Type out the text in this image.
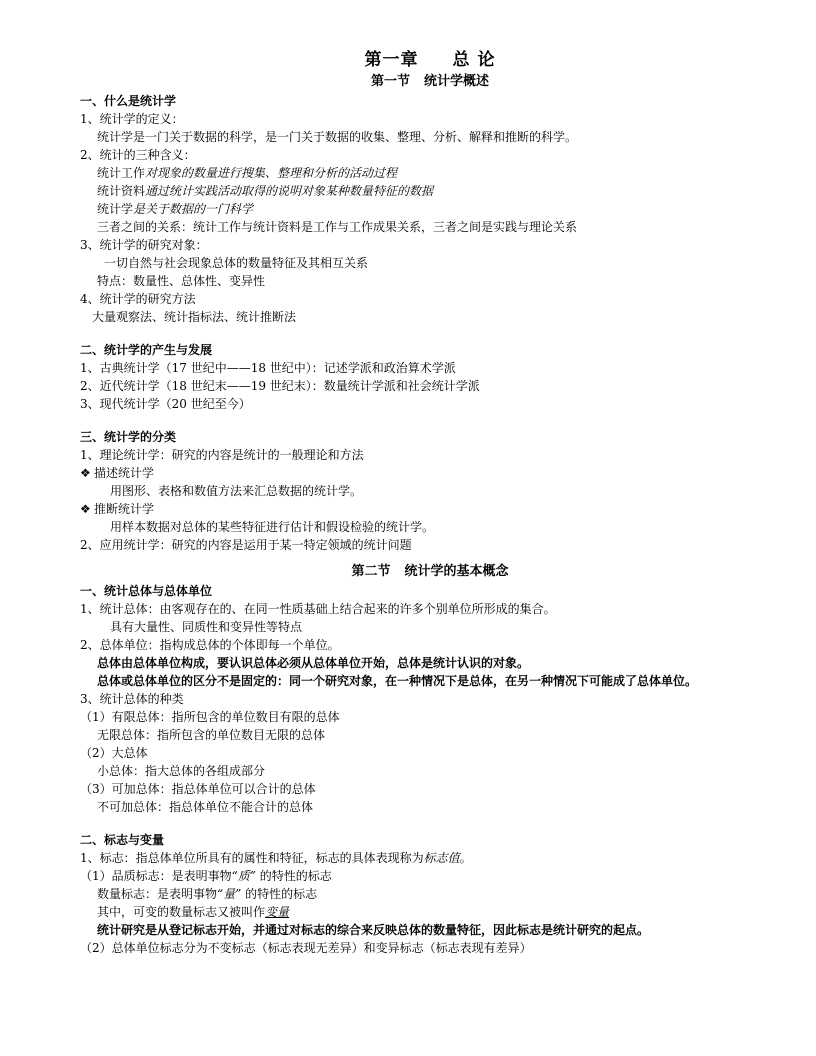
第一章 总 论
第一节 统计学概述
一、什么是统计学
1、统计学的定义：
统计学是一门关于数据的科学，是一门关于数据的收集、整理、分析、解释和推断的科学。
2、统计的三种含义：
统计工作对现象的数量进行搜集、整理和分析的活动过程
统计资料通过统计实践活动取得的说明对象某种数量特征的数据
统计学是关于数据的一门科学
三者之间的关系：统计工作与统计资料是工作与工作成果关系，三者之间是实践与理论关系
3、统计学的研究对象：
一切自然与社会现象总体的数量特征及其相互关系
特点：数量性、总体性、变异性
4、统计学的研究方法
大量观察法、统计指标法、统计推断法
二、统计学的产生与发展
1、古典统计学（17 世纪中——18 世纪中）：记述学派和政治算术学派
2、近代统计学（18 世纪末——19 世纪末）：数量统计学派和社会统计学派
3、现代统计学（20 世纪至今）
三、统计学的分类
1、理论统计学：研究的内容是统计的一般理论和方法
❖ 描述统计学
用图形、表格和数值方法来汇总数据的统计学。
❖ 推断统计学
用样本数据对总体的某些特征进行估计和假设检验的统计学。
2、应用统计学：研究的内容是运用于某一特定领域的统计问题
第二节 统计学的基本概念
一、统计总体与总体单位
1、统计总体：由客观存在的、在同一性质基础上结合起来的许多个别单位所形成的集合。
具有大量性、同质性和变异性等特点
2、总体单位：指构成总体的个体即每一个单位。
总体由总体单位构成，要认识总体必须从总体单位开始，总体是统计认识的对象。
总体或总体单位的区分不是固定的：同一个研究对象，在一种情况下是总体，在另一种情况下可能成了总体单位。
3、统计总体的种类
（1）有限总体：指所包含的单位数目有限的总体
无限总体：指所包含的单位数目无限的总体
（2）大总体
小总体：指大总体的各组成部分
（3）可加总体：指总体单位可以合计的总体
不可加总体：指总体单位不能合计的总体
二、标志与变量
1、标志：指总体单位所具有的属性和特征，标志的具体表现称为标志值。
（1）品质标志：是表明事物“质” 的特性的标志
数量标志：是表明事物“量” 的特性的标志
其中，可变的数量标志又被叫作变量
统计研究是从登记标志开始，并通过对标志的综合来反映总体的数量特征，因此标志是统计研究的起点。
（2）总体单位标志分为不变标志（标志表现无差异）和变异标志（标志表现有差异）
